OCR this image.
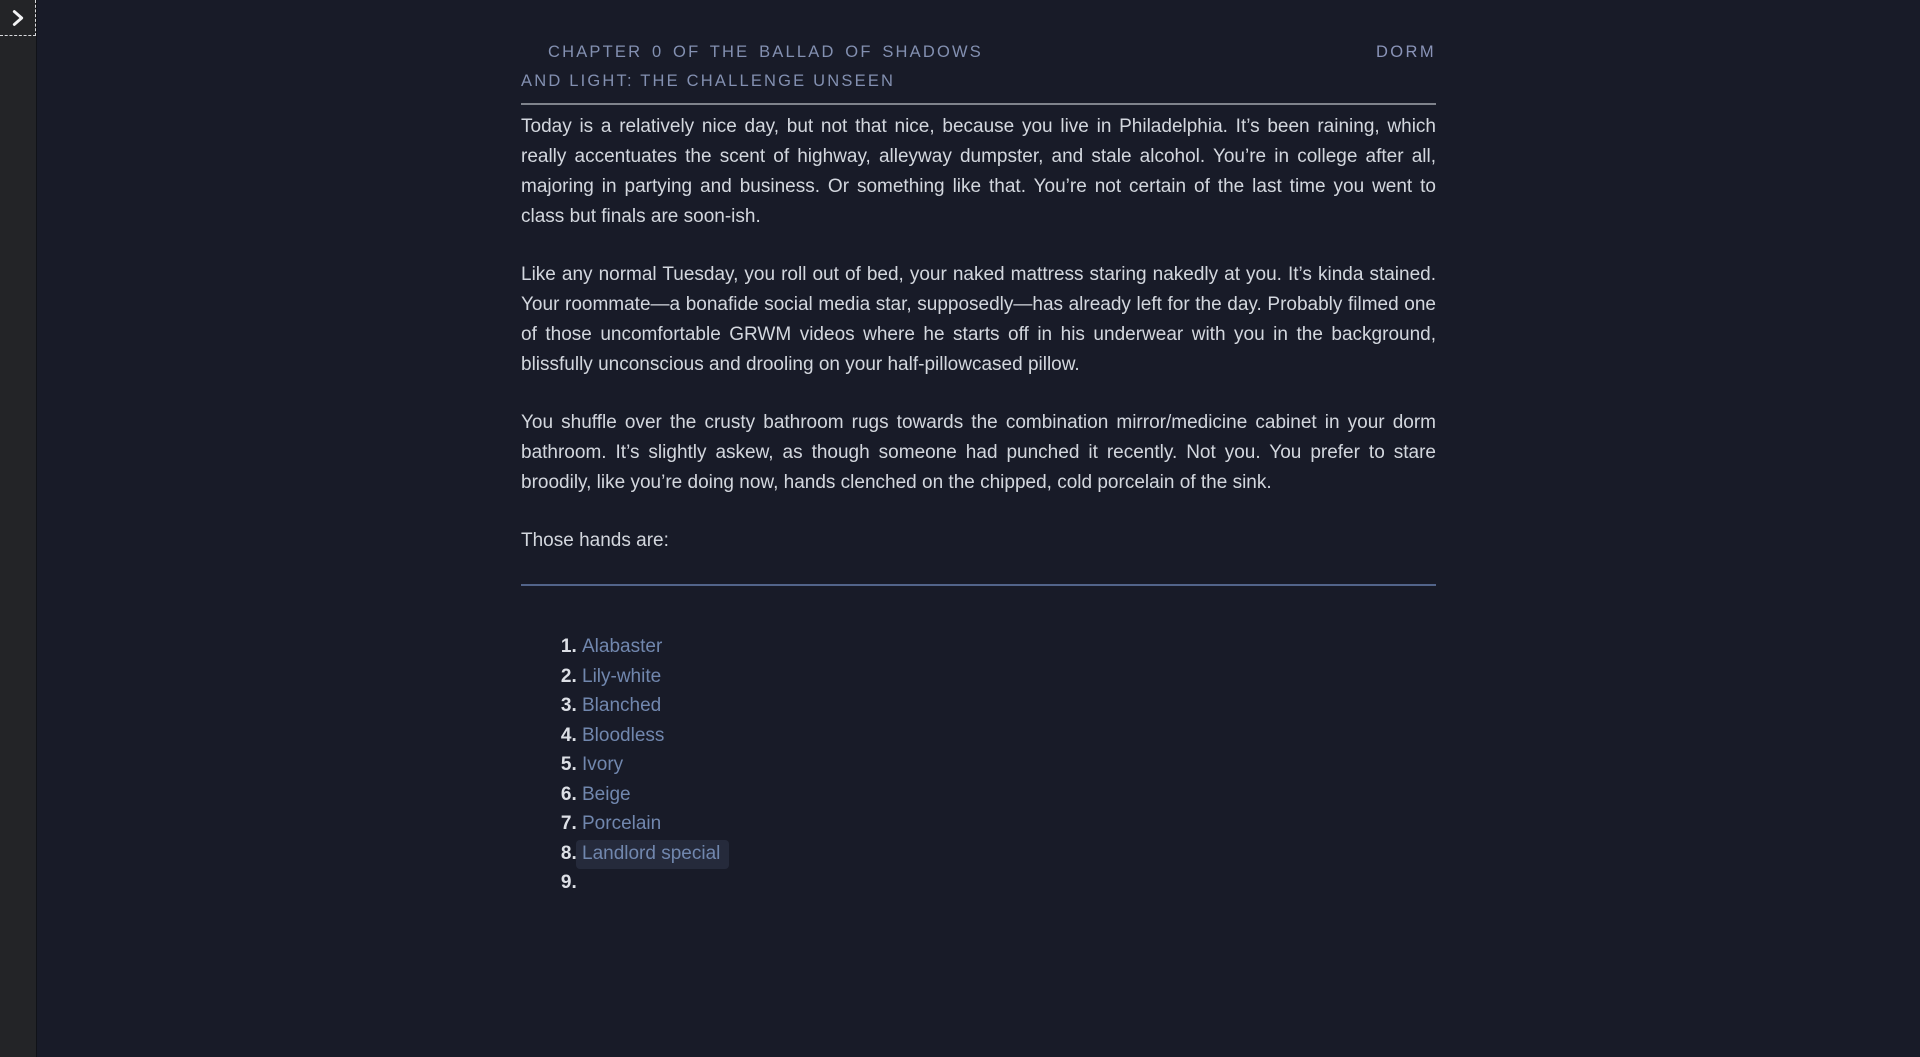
CHAPTER 0 OF THE BALLAD OF SHADOWS AND LIGHT: THE CHALLENGE UNSEEN
DORM

Today is a relatively nice day, but not that nice, because you live in Philadelphia. It’s been raining, which really accentuates the scent of highway, alleyway dumpster, and stale alcohol. You’re in college after all, majoring in partying and business. Or something like that. You’re not certain of the last time you went to class but finals are soon-ish.

Like any normal Tuesday, you roll out of bed, your naked mattress staring nakedly at you. It’s kinda stained. Your roommate—a bonafide social media star, supposedly—has already left for the day. Probably filmed one of those uncomfortable GRWM videos where he starts off in his underwear with you in the background, blissfully unconscious and drooling on your half-pillowcased pillow.

You shuffle over the crusty bathroom rugs towards the combination mirror/medicine cabinet in your dorm bathroom. It’s slightly askew, as though someone had punched it recently. Not you. You prefer to stare broodily, like you’re doing now, hands clenched on the chipped, cold porcelain of the sink.

Those hands are:

1. Alabaster
2. Lily-white
3. Blanched
4. Bloodless
5. Ivory
6. Beige
7. Porcelain
8. Landlord special
9.
